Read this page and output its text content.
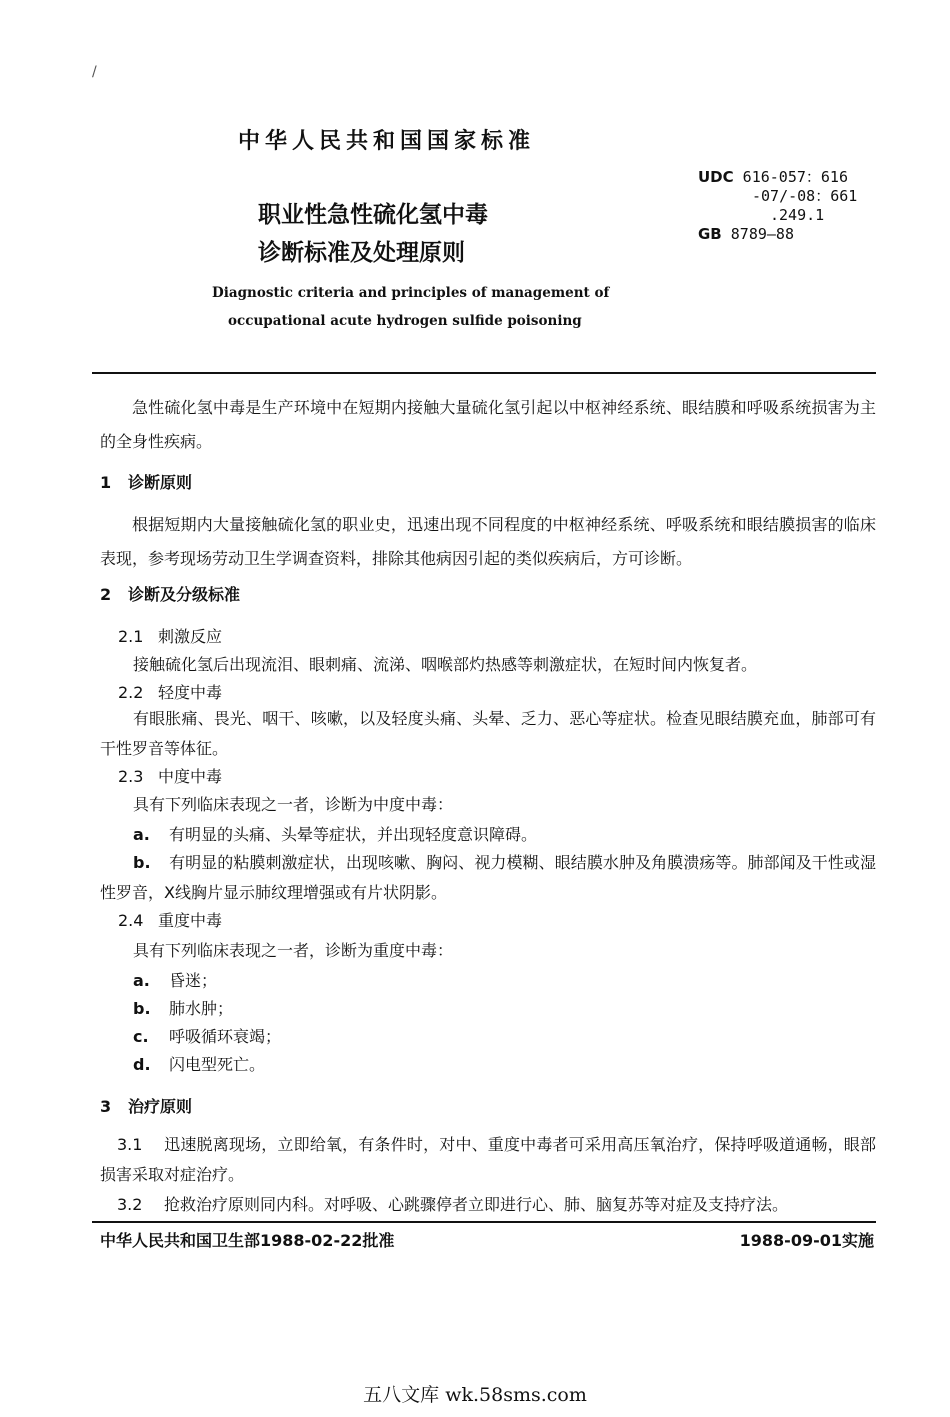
/
中华人民共和国国家标准
UDC 616-057：616
-07/-08：661
.249.1
GB 8789—88
职业性急性硫化氢中毒
诊断标准及处理原则
Diagnostic criteria and principles of management of
occupational acute hydrogen sulfide poisoning
急性硫化氢中毒是生产环境中在短期内接触大量硫化氢引起以中枢神经系统、眼结膜和呼吸系统损害为主的全身性疾病。
1 诊断原则
根据短期内大量接触硫化氢的职业史，迅速出现不同程度的中枢神经系统、呼吸系统和眼结膜损害的临床表现，参考现场劳动卫生学调查资料，排除其他病因引起的类似疾病后，方可诊断。
2 诊断及分级标准
2.1 刺激反应
接触硫化氢后出现流泪、眼刺痛、流涕、咽喉部灼热感等刺激症状，在短时间内恢复者。
2.2 轻度中毒
有眼胀痛、畏光、咽干、咳嗽，以及轻度头痛、头晕、乏力、恶心等症状。检查见眼结膜充血，肺部可有干性罗音等体征。
2.3 中度中毒
具有下列临床表现之一者，诊断为中度中毒：
a. 有明显的头痛、头晕等症状，并出现轻度意识障碍。
b. 有明显的粘膜刺激症状，出现咳嗽、胸闷、视力模糊、眼结膜水肿及角膜溃疡等。肺部闻及干性或湿性罗音，X线胸片显示肺纹理增强或有片状阴影。
2.4 重度中毒
具有下列临床表现之一者，诊断为重度中毒：
a. 昏迷；
b. 肺水肿；
c. 呼吸循环衰竭；
d. 闪电型死亡。
3 治疗原则
3.1 迅速脱离现场，立即给氧，有条件时，对中、重度中毒者可采用高压氧治疗，保持呼吸道通畅，眼部损害采取对症治疗。
3.2 抢救治疗原则同内科。对呼吸、心跳骤停者立即进行心、肺、脑复苏等对症及支持疗法。
中华人民共和国卫生部1988-02-22批准	1988-09-01实施
五八文库 wk.58sms.com
